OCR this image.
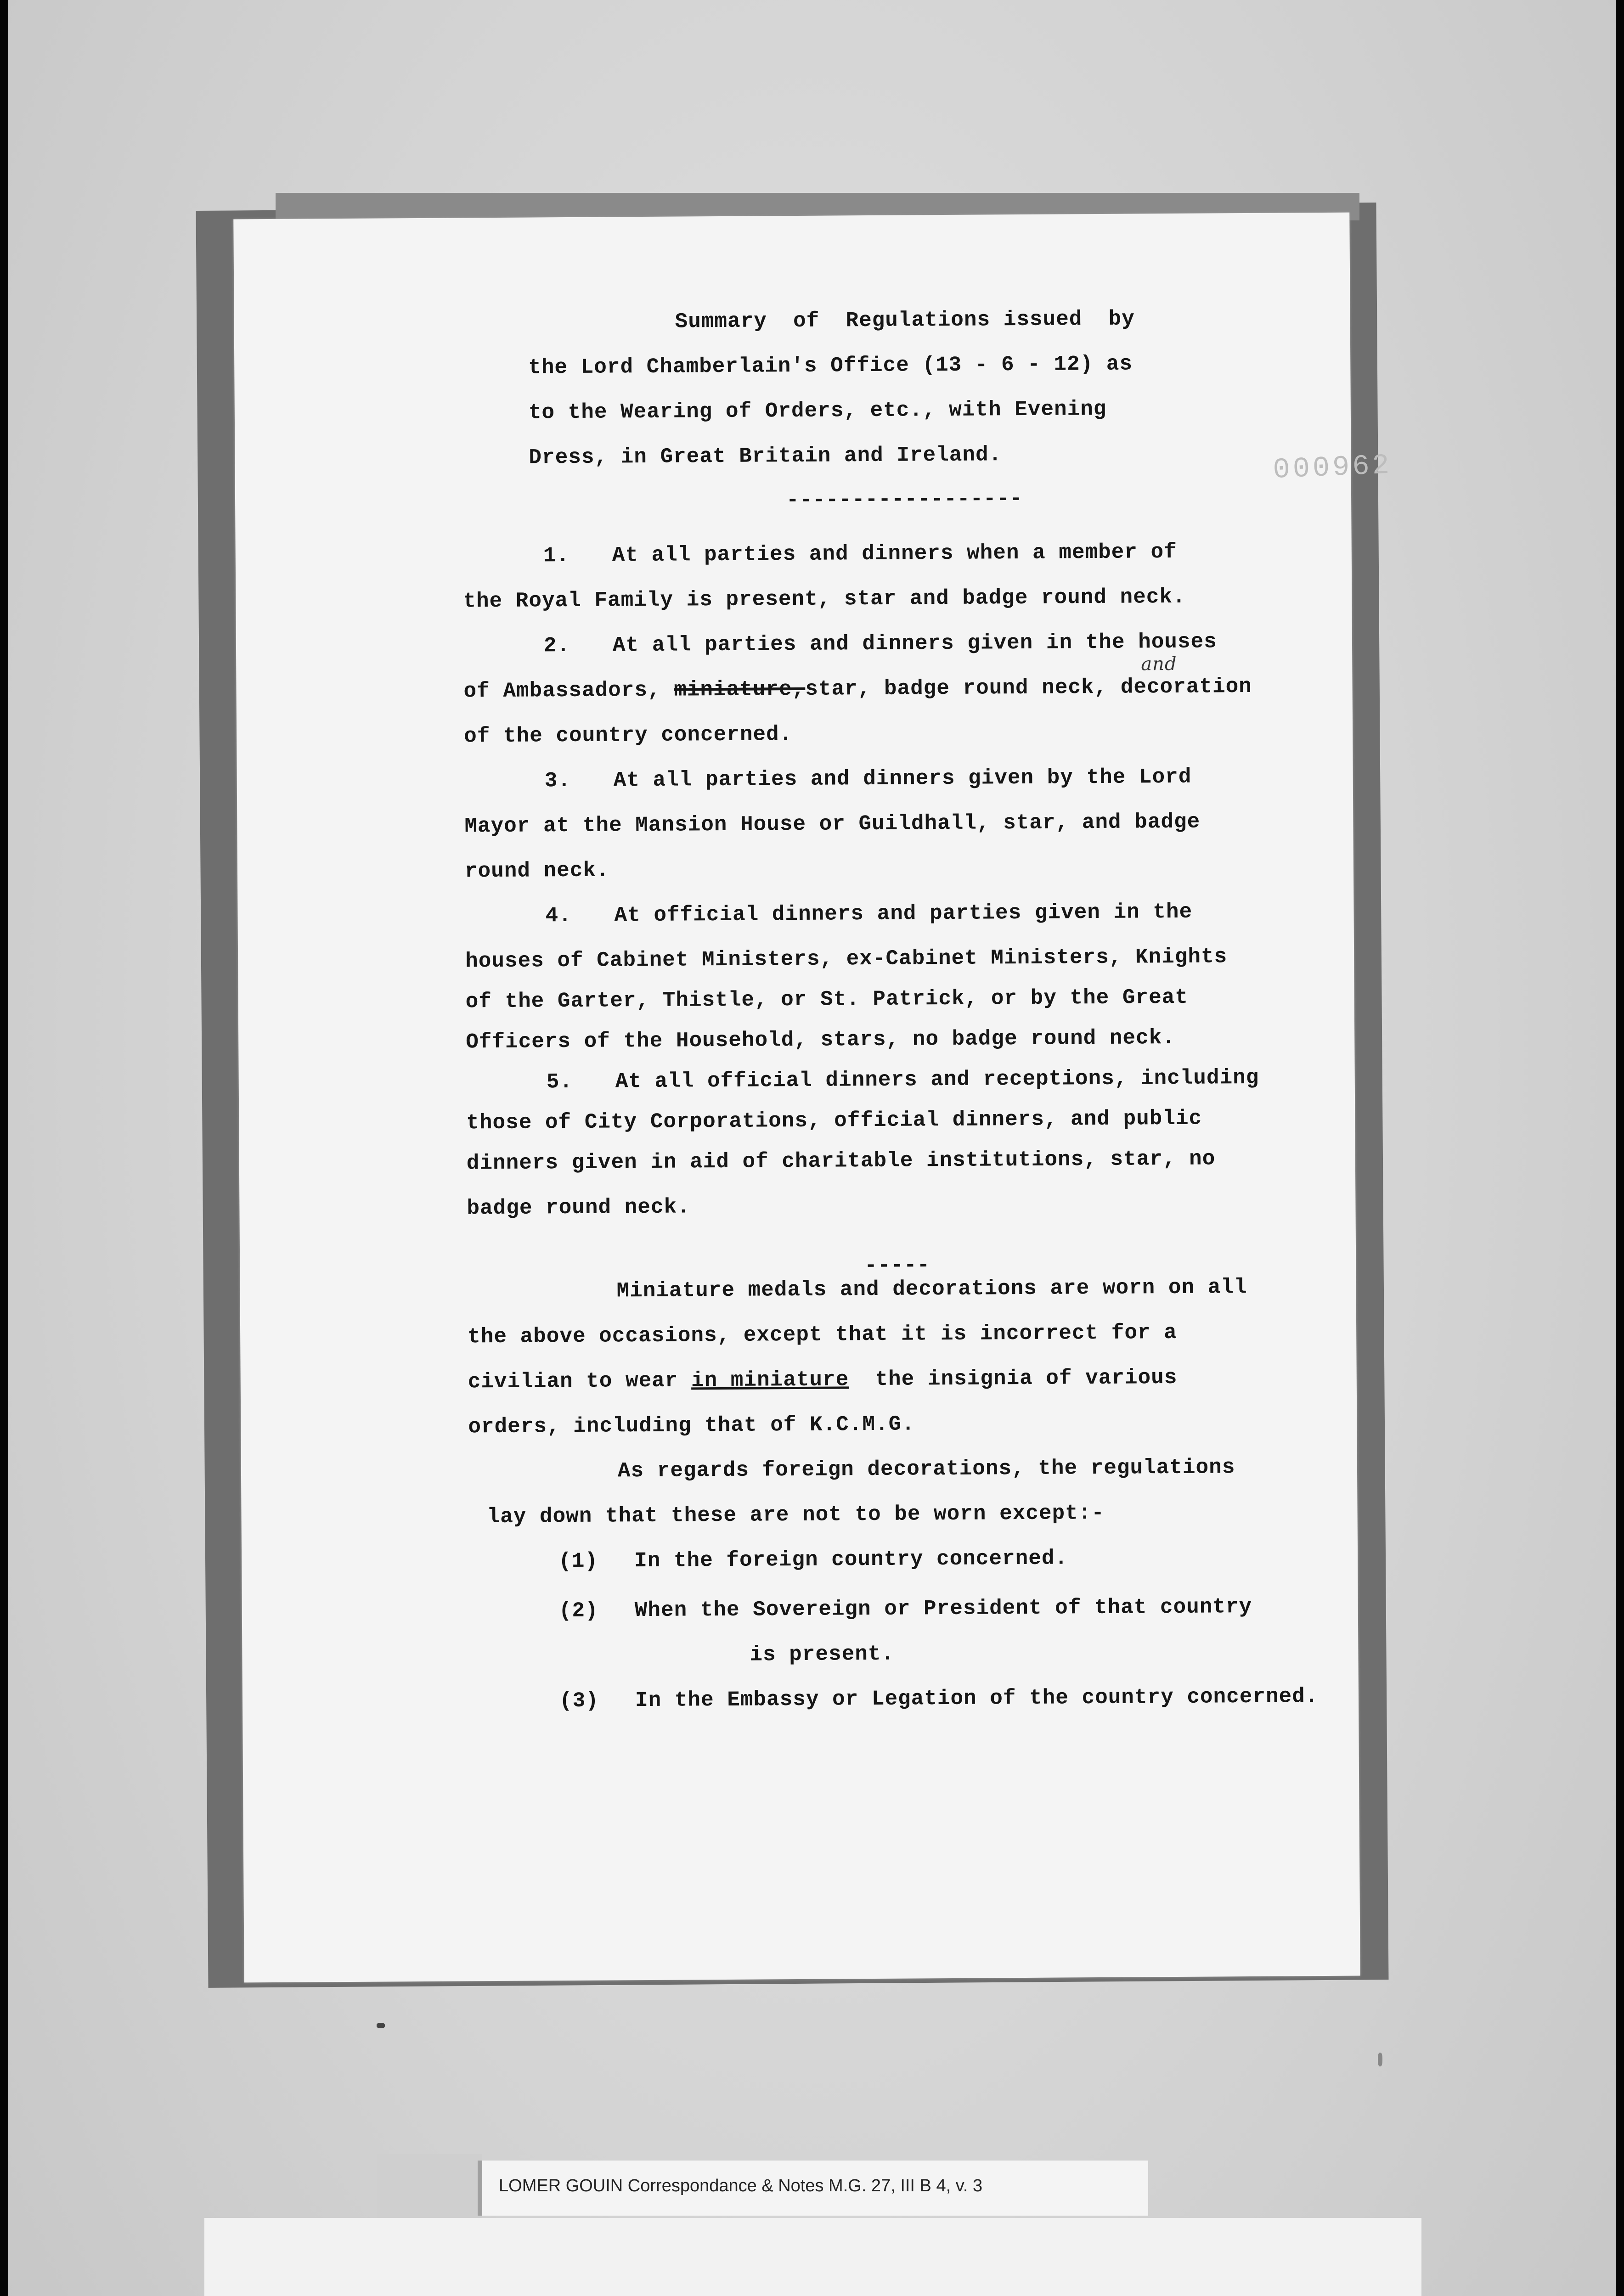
000962
Summary  of  Regulations issued  by
the Lord Chamberlain's Office (13 - 6 - 12) as
to the Wearing of Orders, etc., with Evening
Dress, in Great Britain and Ireland.
------------------
1. At all parties and dinners when a member of
the Royal Family is present, star and badge round neck.
2. At all parties and dinners given in the houses
of Ambassadors, miniature,star, badge round neck, decoration
and
of the country concerned.
3. At all parties and dinners given by the Lord
Mayor at the Mansion House or Guildhall, star, and badge
round neck.
4. At official dinners and parties given in the
houses of Cabinet Ministers, ex-Cabinet Ministers, Knights
of the Garter, Thistle, or St. Patrick, or by the Great
Officers of the Household, stars, no badge round neck.
5. At all official dinners and receptions, including
those of City Corporations, official dinners, and public
dinners given in aid of charitable institutions, star, no
badge round neck.
-----
Miniature medals and decorations are worn on all
the above occasions, except that it is incorrect for a
civilian to wear in miniature  the insignia of various
orders, including that of K.C.M.G.
As regards foreign decorations, the regulations
lay down that these are not to be worn except:-
(1) In the foreign country concerned.
(2) When the Sovereign or President of that country
is present.
(3) In the Embassy or Legation of the country concerned.
LOMER GOUIN Correspondance & Notes M.G. 27, III B 4, v. 3
